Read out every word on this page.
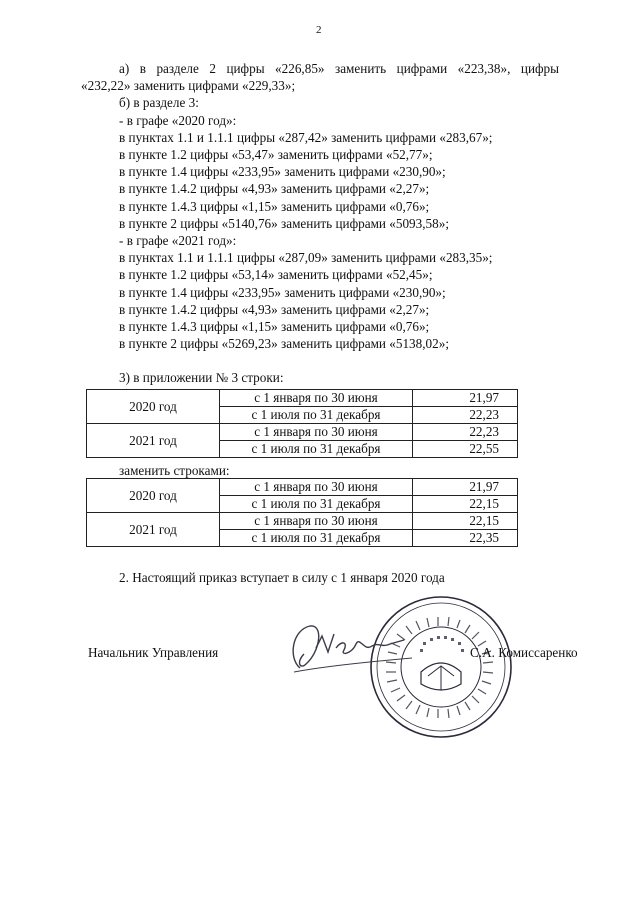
2
а) в разделе 2 цифры «226,85» заменить цифрами «223,38», цифры
«232,22» заменить цифрами «229,33»;
б) в разделе 3:
- в графе «2020 год»:
в пунктах 1.1 и 1.1.1 цифры «287,42» заменить цифрами «283,67»;
в пункте 1.2 цифры «53,47» заменить цифрами «52,77»;
в пункте 1.4 цифры «233,95» заменить цифрами «230,90»;
в пункте 1.4.2 цифры «4,93» заменить цифрами «2,27»;
в пункте 1.4.3 цифры «1,15» заменить цифрами «0,76»;
в пункте 2 цифры «5140,76» заменить цифрами «5093,58»;
- в графе «2021 год»:
в пунктах 1.1 и 1.1.1 цифры «287,09» заменить цифрами «283,35»;
в пункте 1.2 цифры «53,14» заменить цифрами «52,45»;
в пункте 1.4 цифры «233,95» заменить цифрами «230,90»;
в пункте 1.4.2 цифры «4,93» заменить цифрами «2,27»;
в пункте 1.4.3 цифры «1,15» заменить цифрами «0,76»;
в пункте 2 цифры «5269,23» заменить цифрами «5138,02»;
3) в приложении № 3 строки:
2020 год	с 1 января по 30 июня	21,97
	с 1 июля по 31 декабря	22,23
2021 год	с 1 января по 30 июня	22,23
	с 1 июля по 31 декабря	22,55
заменить строками:
2020 год	с 1 января по 30 июня	21,97
	с 1 июля по 31 декабря	22,15
2021 год	с 1 января по 30 июня	22,15
	с 1 июля по 31 декабря	22,35
2. Настоящий приказ вступает в силу с 1 января 2020 года
Начальник Управления	С.А. Комиссаренко
